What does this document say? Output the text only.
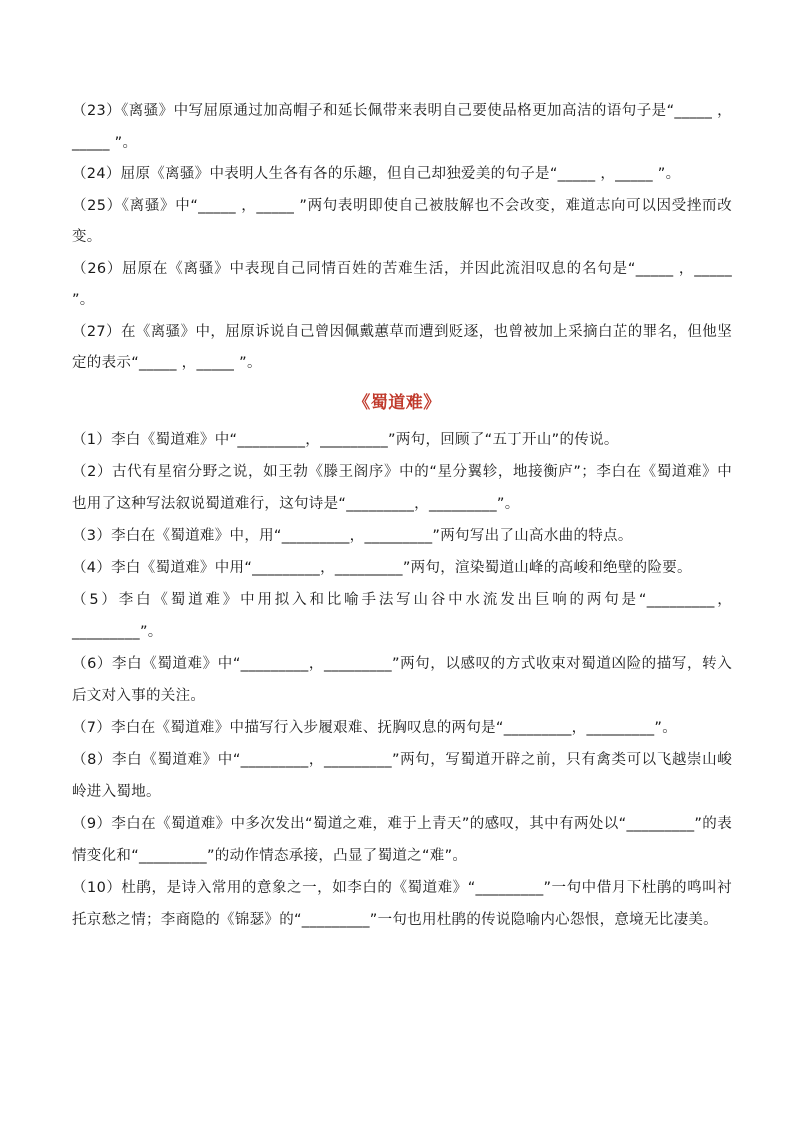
（23）《离骚》中写屈原通过加高帽子和延长佩带来表明自己要使品格更加高洁的语句子是“_____ ，_____ ”。

（24）屈原《离骚》中表明人生各有各的乐趣，但自己却独爱美的句子是“_____ ，_____ ”。

（25）《离骚》中“_____ ，_____ ”两句表明即使自己被肢解也不会改变，难道志向可以因受挫而改变。

（26）屈原在《离骚》中表现自己同情百姓的苦难生活，并因此流泪叹息的名句是“_____ ，_____ ”。

（27）在《离骚》中，屈原诉说自己曾因佩戴蕙草而遭到贬逐，也曾被加上采摘白芷的罪名，但他坚定的表示“_____ ，_____ ”。

《蜀道难》

（1）李白《蜀道难》中“_________，_________”两句，回顾了“五丁开山”的传说。

（2）古代有星宿分野之说，如王勃《滕王阁序》中的“星分翼轸，地接衡庐”；李白在《蜀道难》中也用了这种写法叙说蜀道难行，这句诗是“_________，_________”。

（3）李白在《蜀道难》中，用“_________，_________”两句写出了山高水曲的特点。

（4）李白《蜀道难》中用“_________，_________”两句，渲染蜀道山峰的高峻和绝壁的险要。

（5）李白《蜀道难》中用拟入和比喻手法写山谷中水流发出巨响的两句是“_________，_________”。

（6）李白《蜀道难》中“_________，_________”两句，以感叹的方式收束对蜀道凶险的描写，转入后文对入事的关注。

（7）李白在《蜀道难》中描写行入步履艰难、抚胸叹息的两句是“_________，_________”。

（8）李白《蜀道难》中“_________，_________”两句，写蜀道开辟之前，只有禽类可以飞越崇山峻岭进入蜀地。

（9）李白在《蜀道难》中多次发出“蜀道之难，难于上青天”的感叹，其中有两处以“_________”的表情变化和“_________”的动作情态承接，凸显了蜀道之“难”。

（10）杜鹃，是诗入常用的意象之一，如李白的《蜀道难》“_________”一句中借月下杜鹃的鸣叫衬托京愁之情；李商隐的《锦瑟》的“_________”一句也用杜鹃的传说隐喻内心怨恨，意境无比凄美。
